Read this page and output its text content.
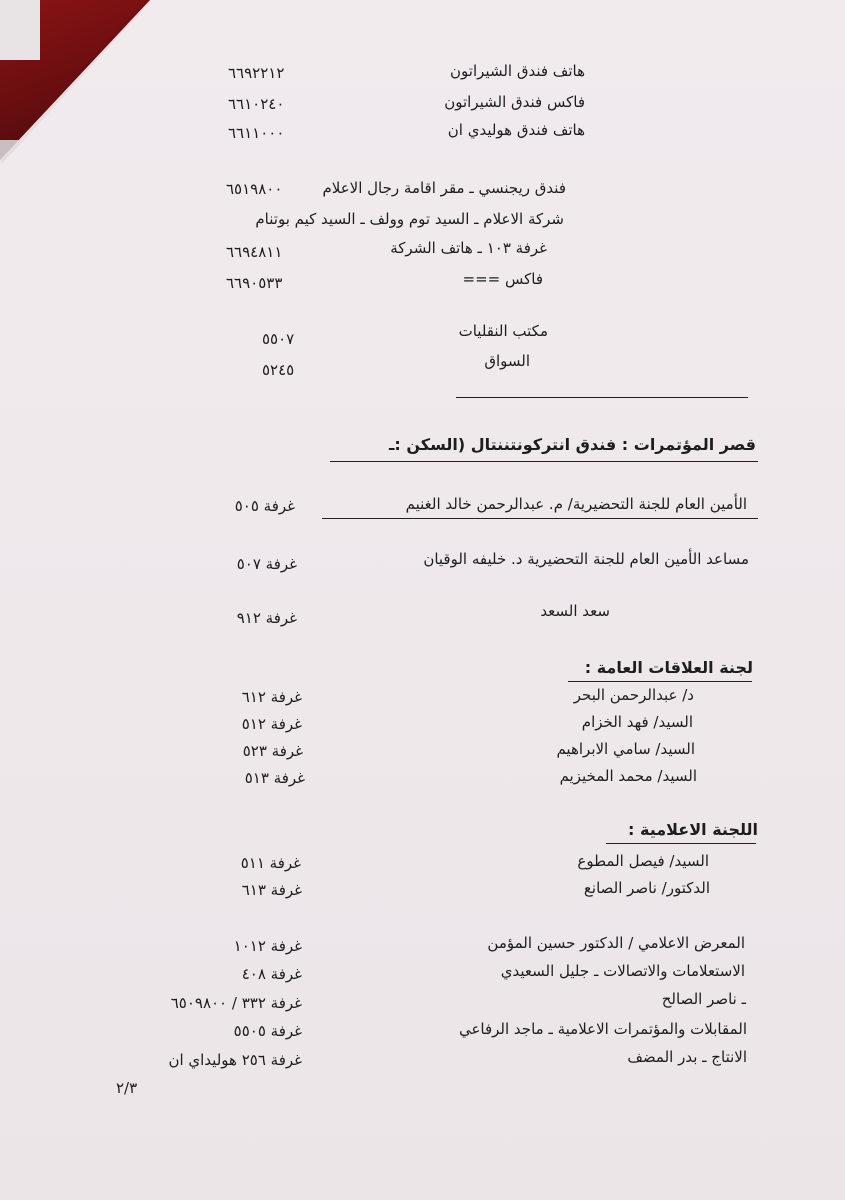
هاتف فندق الشيراتون
٦٦٩٢٢١٢
فاكس فندق الشيراتون
٦٦١٠٢٤٠
هاتف فندق هوليدي ان
٦٦١١٠٠٠
فندق ريجنسي ـ مقر اقامة رجال الاعلام
٦٥١٩٨٠٠
شركة الاعلام ـ السيد توم وولف ـ السيد كيم بوتنام
غرفة ١٠٣ ـ هاتف الشركة
٦٦٩٤٨١١
فاكس ===
٦٦٩٠٥٣٣
مكتب النقليات
٥٥٠٧
السواق
٥٢٤٥
قصر المؤتمرات : فندق انتركونتننتال (السكن :ـ
الأمين العام للجنة التحضيرية/ م. عبدالرحمن خالد الغنيم
غرفة ٥٠٥
مساعد الأمين العام للجنة التحضيرية د. خليفه الوقيان
غرفة ٥٠٧
سعد السعد
غرفة ٩١٢
لجنة العلاقات العامة :
د/ عبدالرحمن البحر
غرفة ٦١٢
السيد/ فهد الخزام
غرفة ٥١٢
السيد/ سامي الابراهيم
غرفة ٥٢٣
السيد/ محمد المخيزيم
غرفة ٥١٣
اللجنة الاعلامية :
السيد/ فيصل المطوع
غرفة ٥١١
الدكتور/ ناصر الصانع
غرفة ٦١٣
المعرض الاعلامي / الدكتور حسين المؤمن
غرفة ١٠١٢
الاستعلامات والاتصالات ـ جليل السعيدي
غرفة ٤٠٨
ـ ناصر الصالح
غرفة ٣٣٢ / ٦٥٠٩٨٠٠
المقابلات والمؤتمرات الاعلامية ـ ماجد الرفاعي
غرفة ٥٥٠٥
الانتاج ـ بدر المضف
غرفة ٢٥٦ هوليداي ان
٢/٣
